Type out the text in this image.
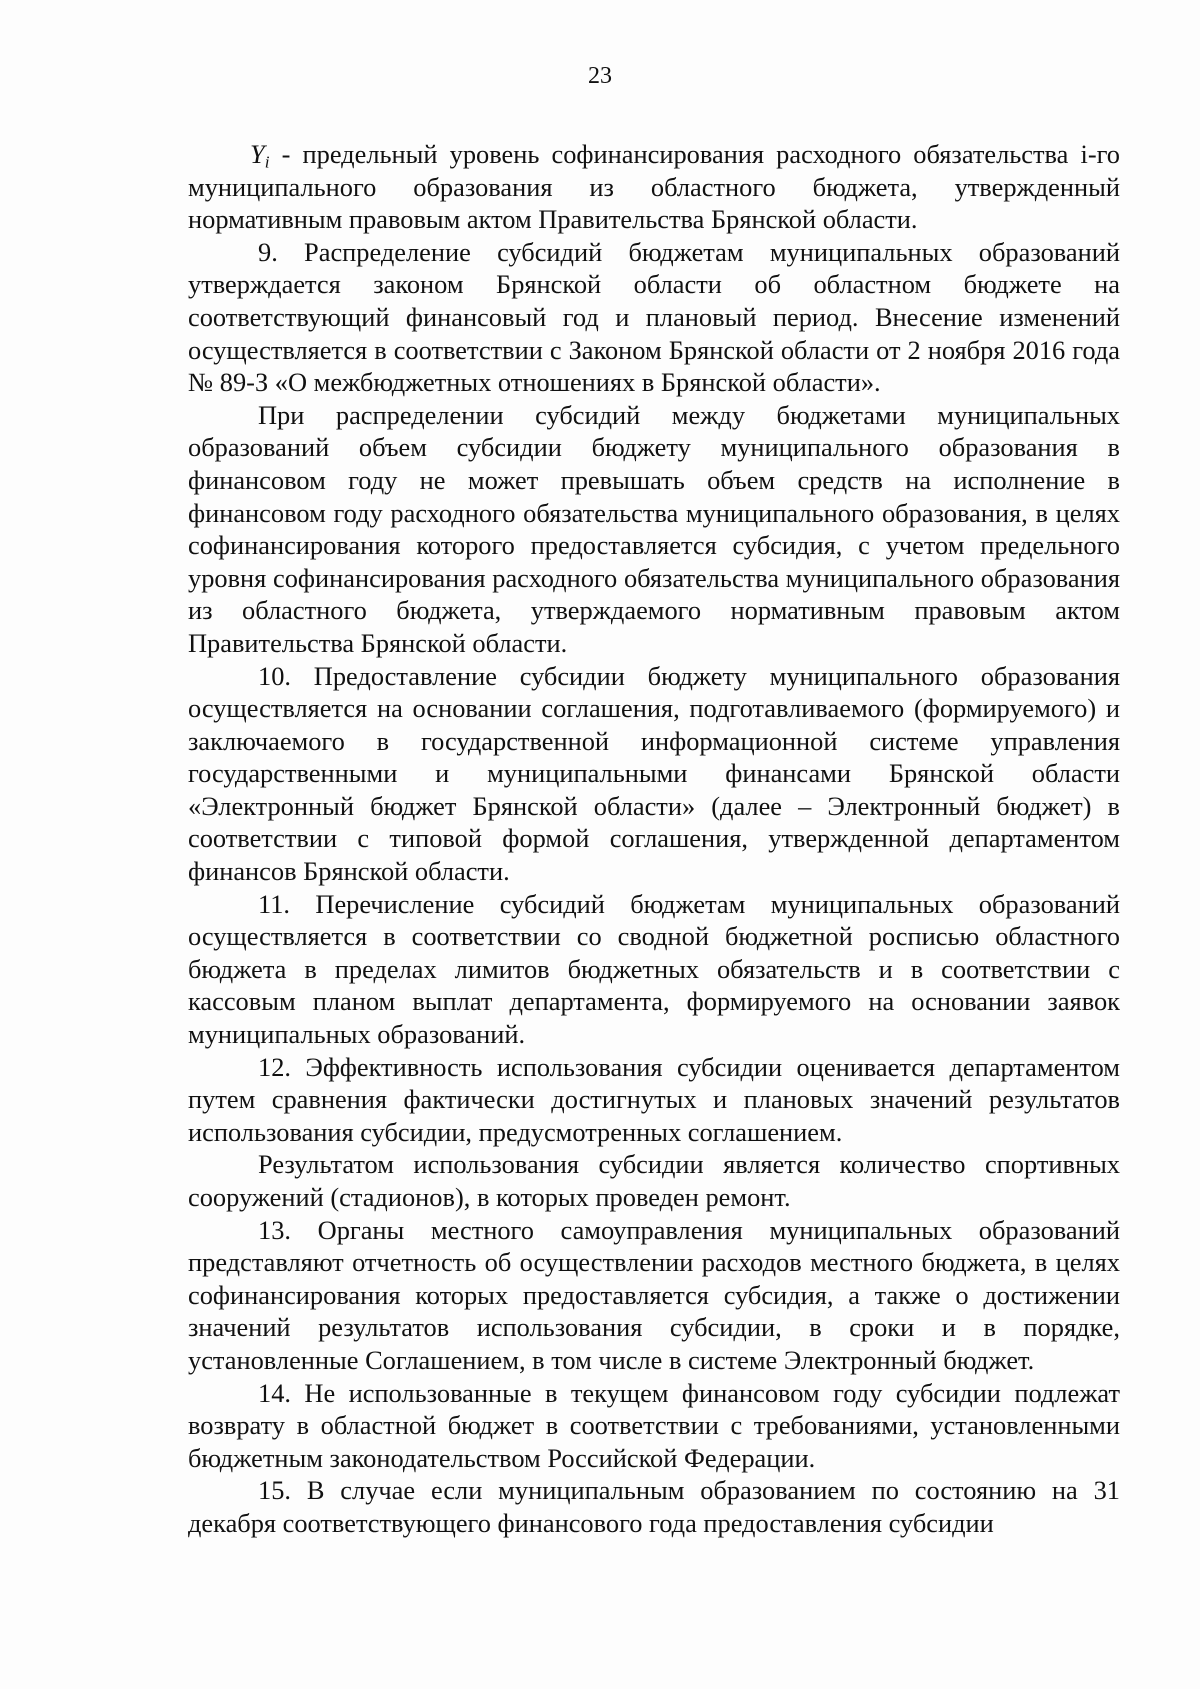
23

$Y_i$ - предельный уровень софинансирования расходного обязательства i-го муниципального образования из областного бюджета, утвержденный нормативным правовым актом Правительства Брянской области.

9. Распределение субсидий бюджетам муниципальных образований утверждается законом Брянской области об областном бюджете на соответствующий финансовый год и плановый период. Внесение изменений осуществляется в соответствии с Законом Брянской области от 2 ноября 2016 года № 89-З «О межбюджетных отношениях в Брянской области».

При распределении субсидий между бюджетами муниципальных образований объем субсидии бюджету муниципального образования в финансовом году не может превышать объем средств на исполнение в финансовом году расходного обязательства муниципального образования, в целях софинансирования которого предоставляется субсидия, с учетом предельного уровня софинансирования расходного обязательства муниципального образования из областного бюджета, утверждаемого нормативным правовым актом Правительства Брянской области.

10. Предоставление субсидии бюджету муниципального образования осуществляется на основании соглашения, подготавливаемого (формируемого) и заключаемого в государственной информационной системе управления государственными и муниципальными финансами Брянской области «Электронный бюджет Брянской области» (далее – Электронный бюджет) в соответствии с типовой формой соглашения, утвержденной департаментом финансов Брянской области.

11. Перечисление субсидий бюджетам муниципальных образований осуществляется в соответствии со сводной бюджетной росписью областного бюджета в пределах лимитов бюджетных обязательств и в соответствии с кассовым планом выплат департамента, формируемого на основании заявок муниципальных образований.

12. Эффективность использования субсидии оценивается департаментом путем сравнения фактически достигнутых и плановых значений результатов использования субсидии, предусмотренных соглашением.

Результатом использования субсидии является количество спортивных сооружений (стадионов), в которых проведен ремонт.

13. Органы местного самоуправления муниципальных образований представляют отчетность об осуществлении расходов местного бюджета, в целях софинансирования которых предоставляется субсидия, а также о достижении значений результатов использования субсидии, в сроки и в порядке, установленные Соглашением, в том числе в системе Электронный бюджет.

14. Не использованные в текущем финансовом году субсидии подлежат возврату в областной бюджет в соответствии с требованиями, установленными бюджетным законодательством Российской Федерации.

15. В случае если муниципальным образованием по состоянию на 31 декабря соответствующего финансового года предоставления субсидии
